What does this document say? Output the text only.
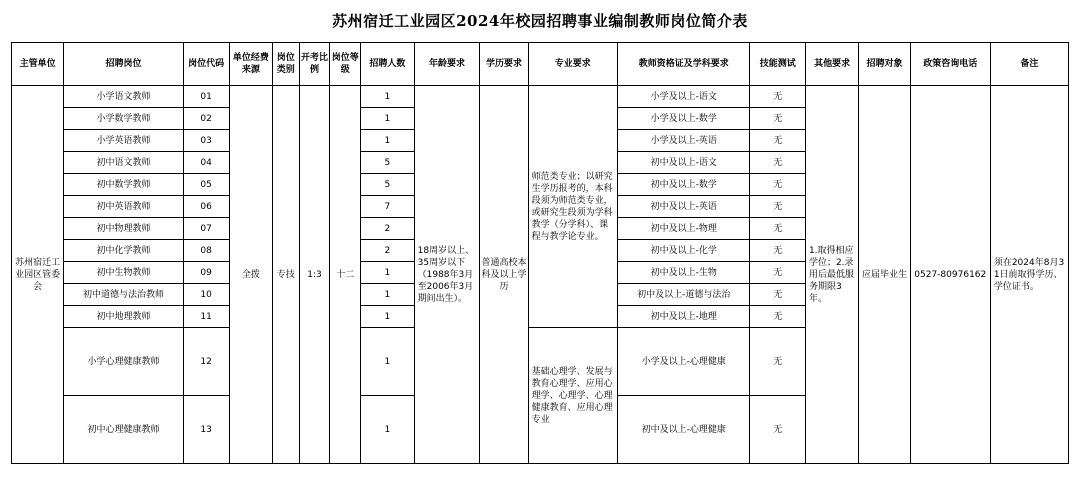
苏州宿迁工业园区2024年校园招聘事业编制教师岗位简介表
主管单位	招聘岗位	岗位代码	单位经费来源	岗位类别	开考比例	岗位等级	招聘人数	年龄要求	学历要求	专业要求	教师资格证及学科要求	技能测试	其他要求	招聘对象	政策咨询电话	备注
苏州宿迁工业园区管委会	小学语文教师	01	全拨	专技	1:3	十二	1	18周岁以上、35周岁以下（1988年3月至2006年3月期间出生）。	普通高校本科及以上学历	师范类专业；以研究生学历报考的，本科段须为师范类专业，或研究生段须为学科教学（分学科）、课程与教学论专业。	小学及以上-语文	无	1.取得相应学位；2.录用后最低服务期限3年。	应届毕业生	0527-80976162	须在2024年8月31日前取得学历、学位证书。
	小学数学教师	02					1				小学及以上-数学	无				
	小学英语教师	03					1				小学及以上-英语	无				
	初中语文教师	04					5				初中及以上-语文	无				
	初中数学教师	05					5				初中及以上-数学	无				
	初中英语教师	06					7				初中及以上-英语	无				
	初中物理教师	07					2				初中及以上-物理	无				
	初中化学教师	08					2				初中及以上-化学	无				
	初中生物教师	09					1				初中及以上-生物	无				
	初中道德与法治教师	10					1				初中及以上-道德与法治	无				
	初中地理教师	11					1				初中及以上-地理	无				
	小学心理健康教师	12					1			基础心理学、发展与教育心理学、应用心理学、心理学、心理健康教育、应用心理专业	小学及以上-心理健康	无				
	初中心理健康教师	13					1				初中及以上-心理健康	无				
